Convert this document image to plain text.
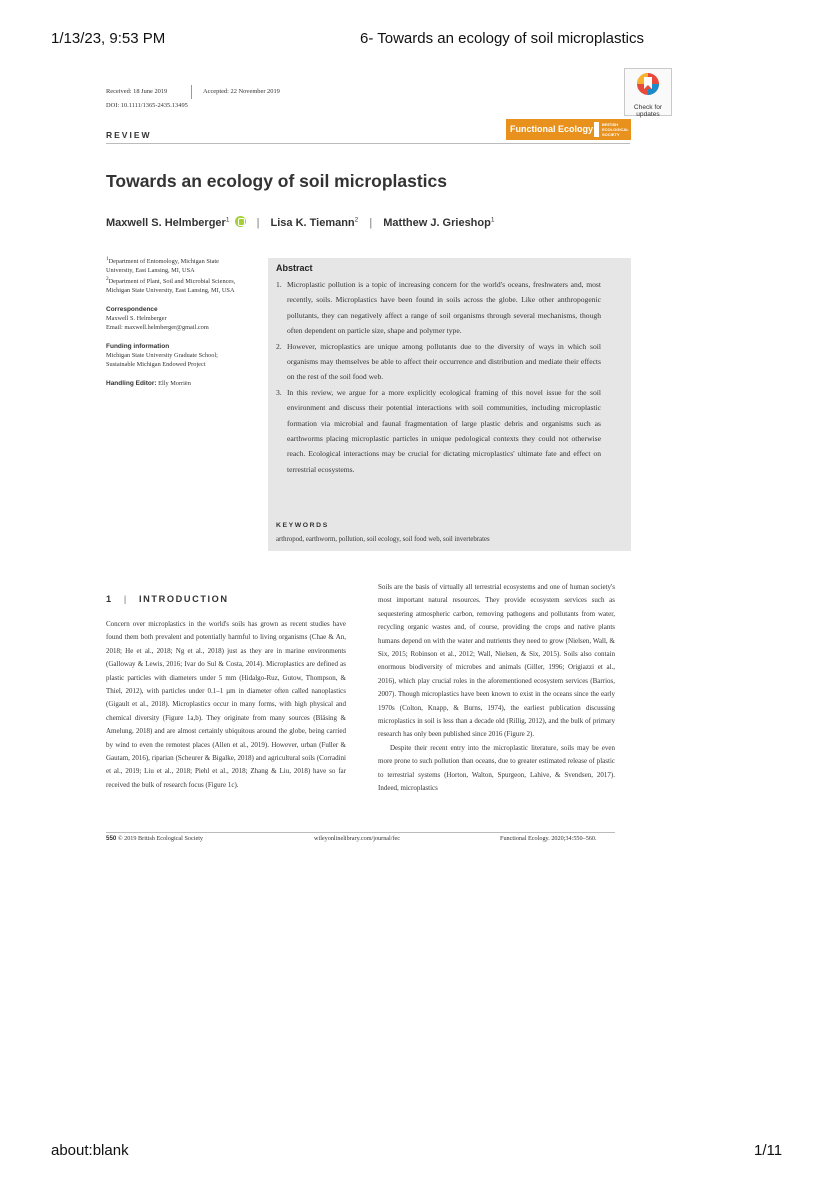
1/13/23, 9:53 PM	6- Towards an ecology of soil microplastics
Received: 18 June 2019	Accepted: 22 November 2019
DOI: 10.1111/1365-2435.13495	Check for updates
REVIEW
Functional Ecology BRITISH ECOLOGICAL SOCIETY
Towards an ecology of soil microplastics
Maxwell S. Helmberger$^1$ | Lisa K. Tiemann$^2$ | Matthew J. Grieshop$^1$
$^1$Department of Entomology, Michigan State University, East Lansing, MI, USA
$^2$Department of Plant, Soil and Microbial Sciences, Michigan State University, East Lansing, MI, USA
Correspondence
Maxwell S. Helmberger
Email: maxwell.helmberger@gmail.com
Funding information
Michigan State University Graduate School; Sustainable Michigan Endowed Project
Handling Editor: Elly Morriën
Abstract
1. Microplastic pollution is a topic of increasing concern for the world's oceans, freshwaters and, most recently, soils. Microplastics have been found in soils across the globe. Like other anthropogenic pollutants, they can negatively affect a range of soil organisms through several mechanisms, though often dependent on particle size, shape and polymer type.
2. However, microplastics are unique among pollutants due to the diversity of ways in which soil organisms may themselves be able to affect their occurrence and distribution and mediate their effects on the rest of the soil food web.
3. In this review, we argue for a more explicitly ecological framing of this novel issue for the soil environment and discuss their potential interactions with soil communities, including microplastic formation via microbial and faunal fragmentation of large plastic debris and organisms such as earthworms placing microplastic particles in unique pedological contexts they could not otherwise reach. Ecological interactions may be crucial for dictating microplastics' ultimate fate and effect on terrestrial ecosystems.
KEYWORDS
arthropod, earthworm, pollution, soil ecology, soil food web, soil invertebrates
1 | INTRODUCTION
Concern over microplastics in the world's soils has grown as recent studies have found them both prevalent and potentially harmful to living organisms (Chae & An, 2018; He et al., 2018; Ng et al., 2018) just as they are in marine environments (Galloway & Lewis, 2016; Ivar do Sul & Costa, 2014). Microplastics are defined as plastic particles with diameters under 5 mm (Hidalgo-Ruz, Gutow, Thompson, & Thiel, 2012), with particles under 0.1–1 µm in diameter often called nanoplastics (Gigault et al., 2018). Microplastics occur in many forms, with high physical and chemical diversity (Figure 1a,b). They originate from many sources (Bläsing & Amelung, 2018) and are almost certainly ubiquitous around the globe, being carried by wind to even the remotest places (Allen et al., 2019). However, urban (Fuller & Gautam, 2016), riparian (Scheurer & Bigalke, 2018) and agricultural soils (Corradini et al., 2019; Liu et al., 2018; Piehl et al., 2018; Zhang & Liu, 2018) have so far received the bulk of research focus (Figure 1c).
Soils are the basis of virtually all terrestrial ecosystems and one of human society's most important natural resources. They provide ecosystem services such as sequestering atmospheric carbon, removing pathogens and pollutants from water, recycling organic wastes and, of course, providing the crops and native plants humans depend on with the water and nutrients they need to grow (Nielsen, Wall, & Six, 2015; Robinson et al., 2012; Wall, Nielsen, & Six, 2015). Soils also contain enormous biodiversity of microbes and animals (Giller, 1996; Origiazzi et al., 2016), which play crucial roles in the aforementioned ecosystem services (Barrios, 2007). Though microplastics have been known to exist in the oceans since the early 1970s (Colton, Knapp, & Burns, 1974), the earliest publication discussing microplastics in soil is less than a decade old (Rillig, 2012), and the bulk of primary research has only been published since 2016 (Figure 2).
Despite their recent entry into the microplastic literature, soils may be even more prone to such pollution than oceans, due to greater estimated release of plastic to terrestrial systems (Horton, Walton, Spurgeon, Lahive, & Svendsen, 2017). Indeed, microplastics
550 © 2019 British Ecological Society	wileyonlinelibrary.com/journal/fec	Functional Ecology. 2020;34:550–560.
about:blank	1/11
